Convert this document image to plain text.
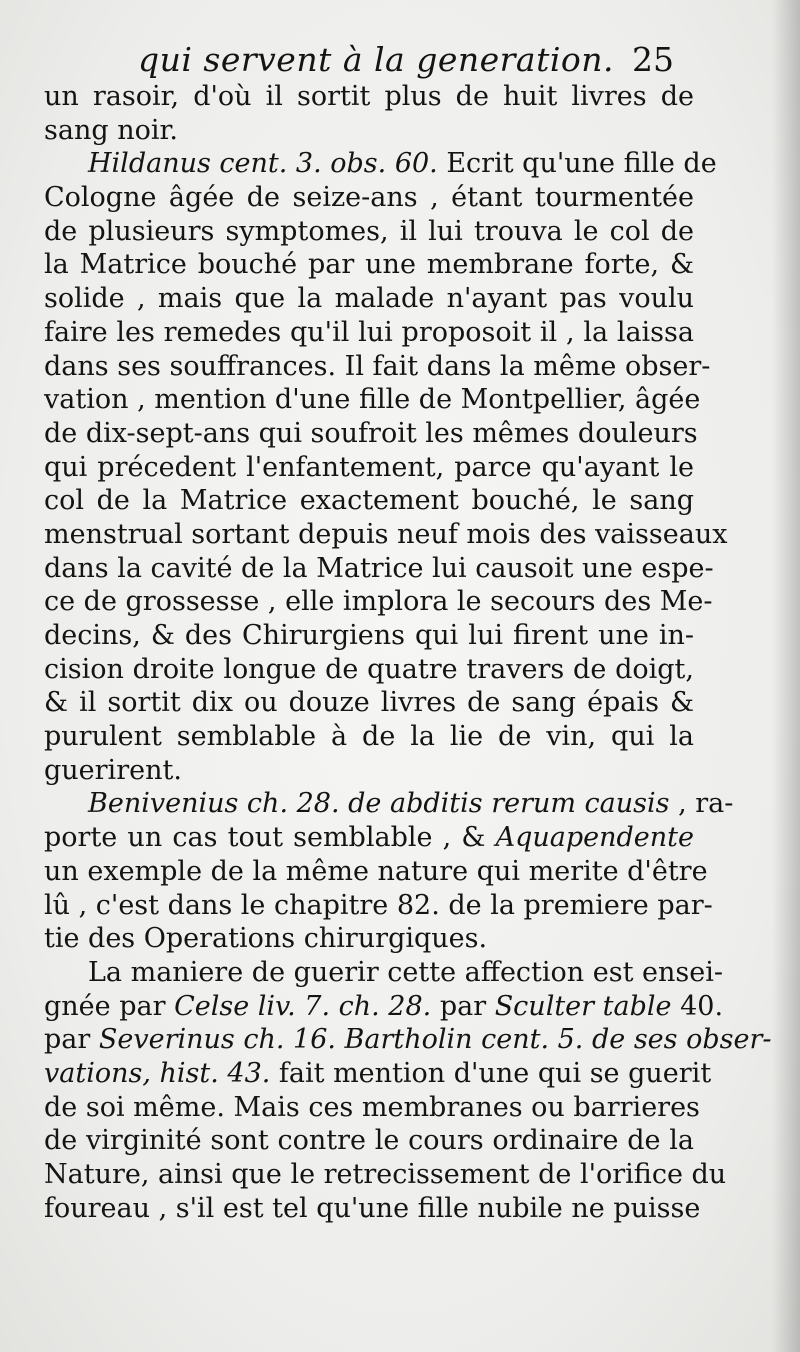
qui servent à la generation. 25
un rasoir, d'où il sortit plus de huit livres de
sang noir.
Hildanus cent. 3. obs. 60. Ecrit qu'une fille de
Cologne âgée de seize-ans , étant tourmentée
de plusieurs symptomes, il lui trouva le col de
la Matrice bouché par une membrane forte, &
solide , mais que la malade n'ayant pas voulu
faire les remedes qu'il lui proposoit il , la laissa
dans ses souffrances. Il fait dans la même obser-
vation , mention d'une fille de Montpellier, âgée
de dix-sept-ans qui soufroit les mêmes douleurs
qui précedent l'enfantement, parce qu'ayant le
col de la Matrice exactement bouché, le sang
menstrual sortant depuis neuf mois des vaisseaux
dans la cavité de la Matrice lui causoit une espe-
ce de grossesse , elle implora le secours des Me-
decins, & des Chirurgiens qui lui firent une in-
cision droite longue de quatre travers de doigt,
& il sortit dix ou douze livres de sang épais &
purulent semblable à de la lie de vin, qui la
guerirent.
Benivenius ch. 28. de abditis rerum causis , ra-
porte un cas tout semblable , & Aquapendente
un exemple de la même nature qui merite d'être
lû , c'est dans le chapitre 82. de la premiere par-
tie des Operations chirurgiques.
La maniere de guerir cette affection est ensei-
gnée par Celse liv. 7. ch. 28. par Sculter table 40.
par Severinus ch. 16. Bartholin cent. 5. de ses obser-
vations, hist. 43. fait mention d'une qui se guerit
de soi même. Mais ces membranes ou barrieres
de virginité sont contre le cours ordinaire de la
Nature, ainsi que le retrecissement de l'orifice du
foureau , s'il est tel qu'une fille nubile ne puisse
